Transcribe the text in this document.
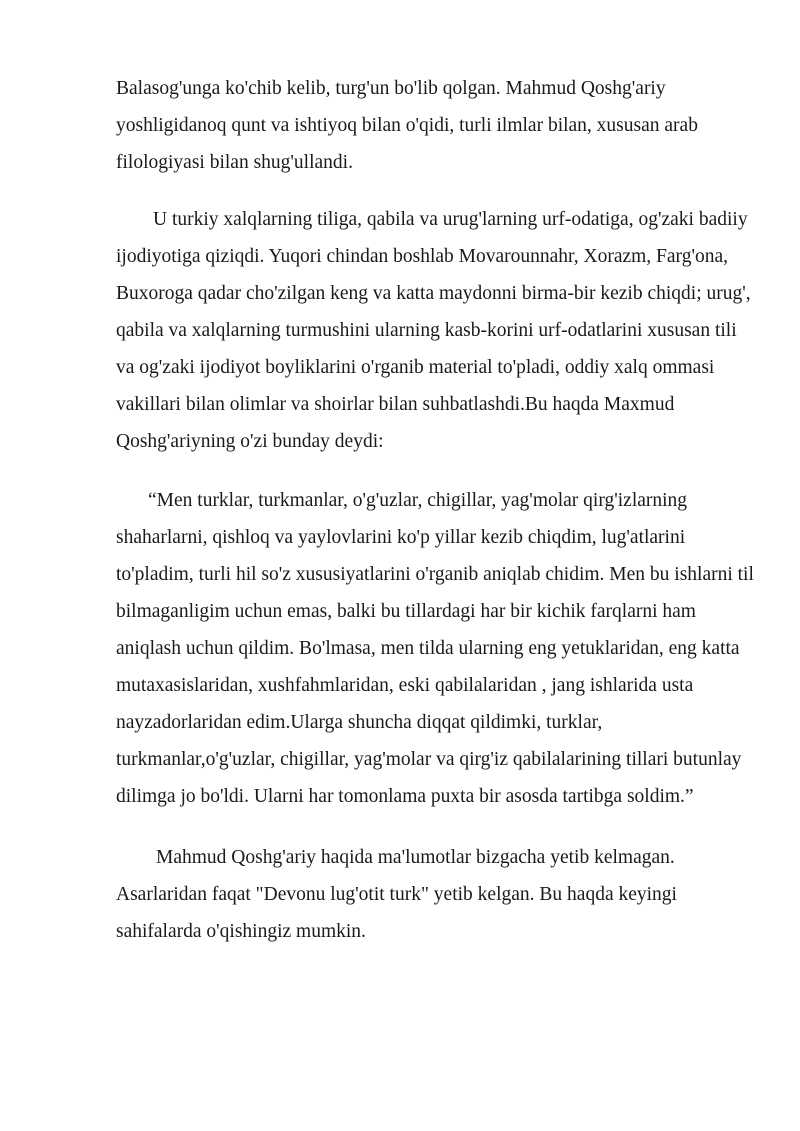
Balasog'unga ko'chib kelib, turg'un bo'lib qolgan. Mahmud Qoshg'ariy yoshligidanoq qunt va ishtiyoq bilan o'qidi, turli ilmlar bilan, xususan arab filologiyasi bilan shug'ullandi.

U turkiy xalqlarning tiliga, qabila va urug'larning urf-odatiga, og'zaki badiiy ijodiyotiga qiziqdi. Yuqori chindan boshlab Movarounnahr, Xorazm, Farg'ona, Buxoroga qadar cho'zilgan keng va katta maydonni birma-bir kezib chiqdi; urug', qabila va xalqlarning turmushini ularning kasb-korini urf-odatlarini xususan tili va og'zaki ijodiyot boyliklarini o'rganib material to'pladi, oddiy xalq ommasi vakillari bilan olimlar va shoirlar bilan suhbatlashdi.Bu haqda Maxmud Qoshg'ariyning o'zi bunday deydi:

“Men turklar, turkmanlar, o'g'uzlar, chigillar, yag'molar qirg'izlarning shaharlarni, qishloq va yaylovlarini ko'p yillar kezib chiqdim, lug'atlarini to'pladim, turli hil so'z xususiyatlarini o'rganib aniqlab chidim. Men bu ishlarni til bilmaganligim uchun emas, balki bu tillardagi har bir kichik farqlarni ham aniqlash uchun qildim. Bo'lmasa, men tilda ularning eng yetuklaridan, eng katta mutaxasislaridan, xushfahmlaridan, eski qabilalaridan , jang ishlarida usta nayzadorlaridan edim.Ularga shuncha diqqat qildimki, turklar, turkmanlar,o'g'uzlar, chigillar, yag'molar va qirg'iz qabilalarining tillari butunlay dilimga jo bo'ldi. Ularni har tomonlama puxta bir asosda tartibga soldim.”

Mahmud Qoshg'ariy haqida ma'lumotlar bizgacha yetib kelmagan. Asarlaridan faqat "Devonu lug'otit turk" yetib kelgan. Bu haqda keyingi sahifalarda o'qishingiz mumkin.
